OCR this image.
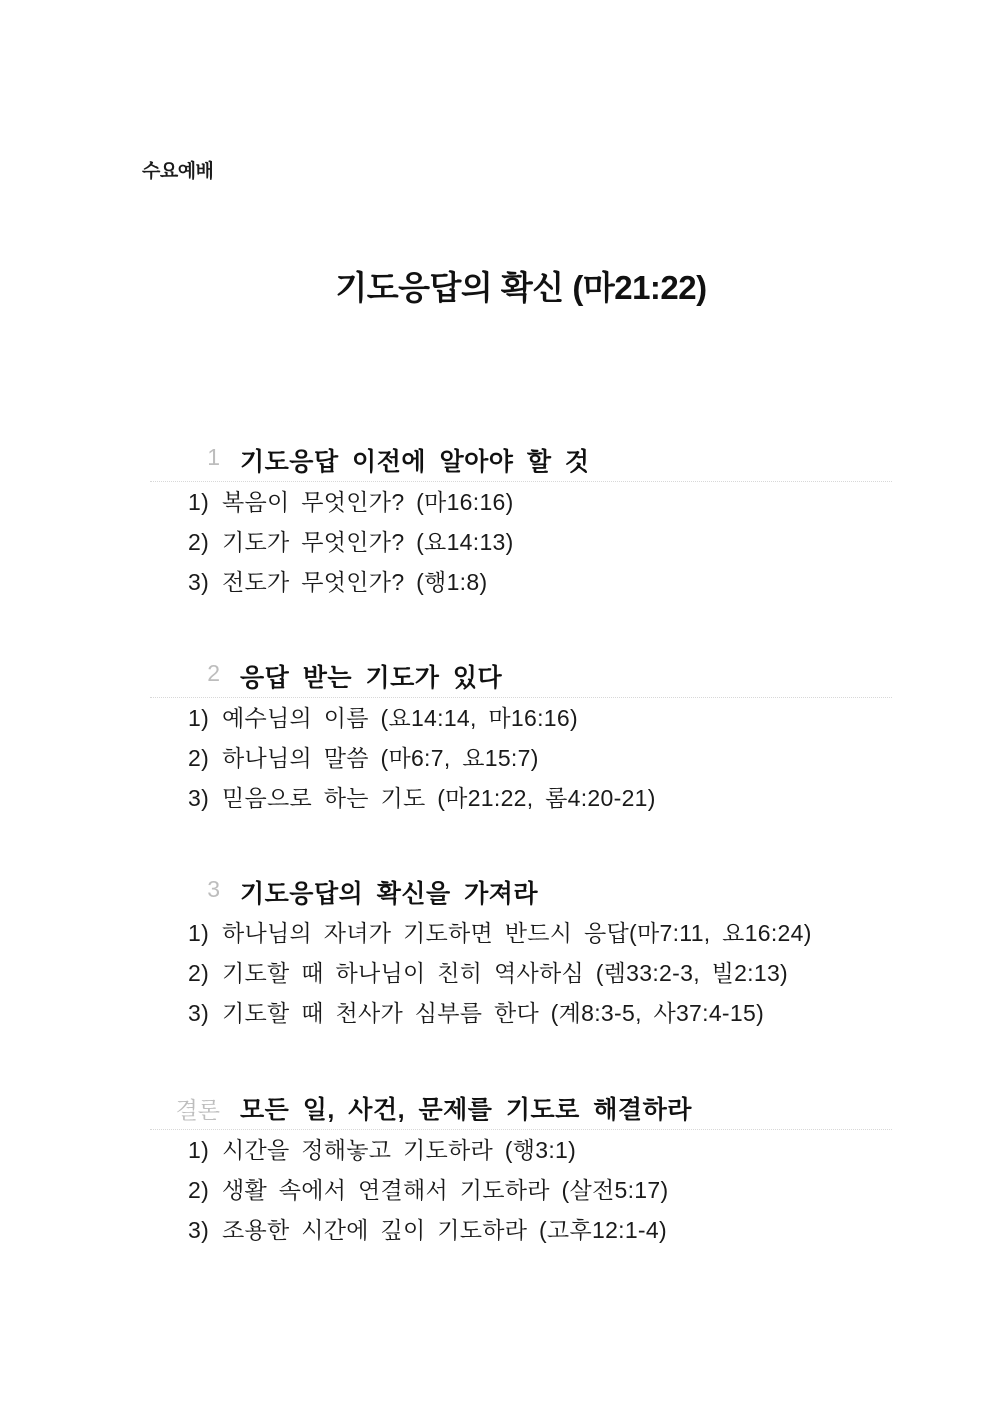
수요예배
기도응답의 확신 (마21:22)
1 기도응답 이전에 알아야 할 것
1) 복음이 무엇인가? (마16:16)
2) 기도가 무엇인가? (요14:13)
3) 전도가 무엇인가? (행1:8)
2 응답 받는 기도가 있다
1) 예수님의 이름 (요14:14, 마16:16)
2) 하나님의 말씀 (마6:7, 요15:7)
3) 믿음으로 하는 기도 (마21:22, 롬4:20-21)
3 기도응답의 확신을 가져라
1) 하나님의 자녀가 기도하면 반드시 응답(마7:11, 요16:24)
2) 기도할 때 하나님이 친히 역사하심 (렘33:2-3, 빌2:13)
3) 기도할 때 천사가 심부름 한다 (계8:3-5, 사37:4-15)
결론 모든 일, 사건, 문제를 기도로 해결하라
1) 시간을 정해놓고 기도하라 (행3:1)
2) 생활 속에서 연결해서 기도하라 (살전5:17)
3) 조용한 시간에 깊이 기도하라 (고후12:1-4)
